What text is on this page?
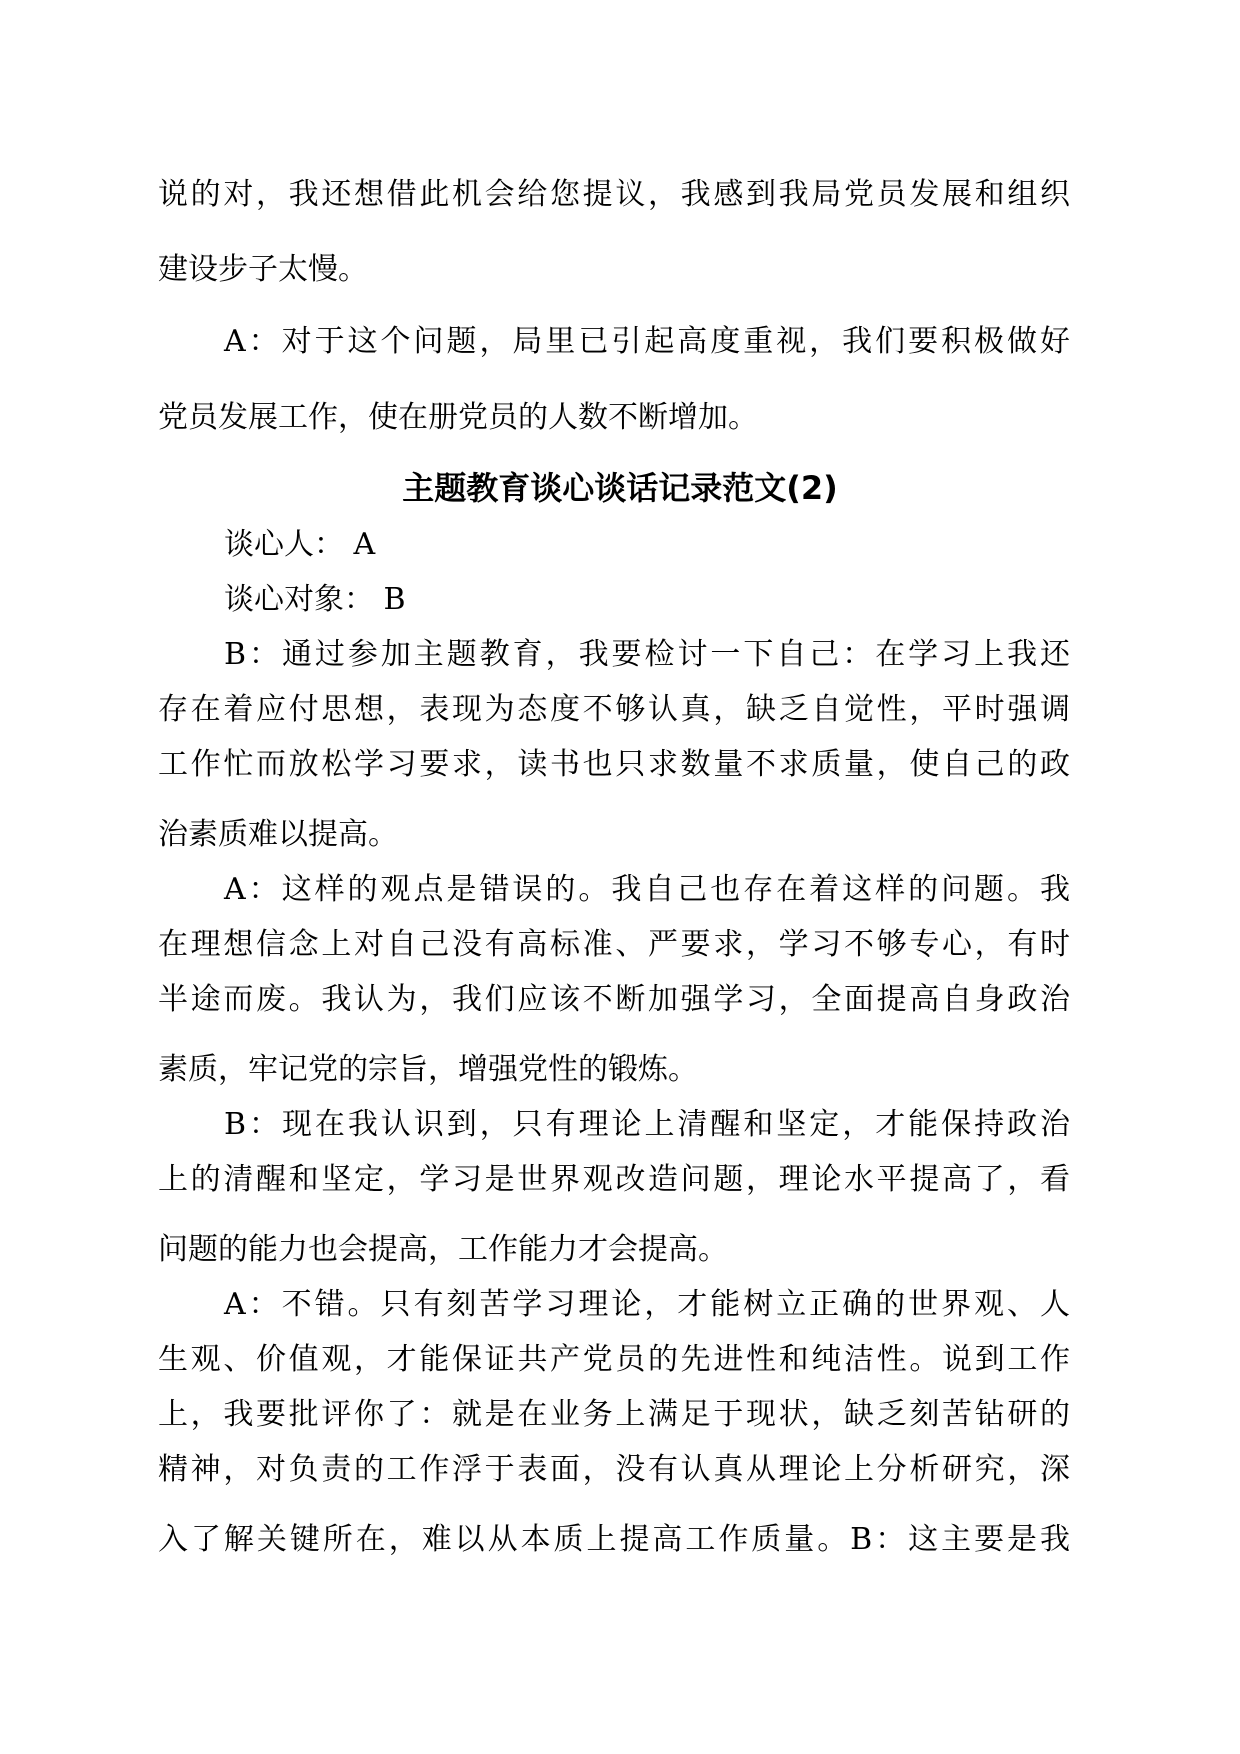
说的对，我还想借此机会给您提议，我感到我局党员发展和组织

建设步子太慢。

A：对于这个问题，局里已引起高度重视，我们要积极做好

党员发展工作，使在册党员的人数不断增加。

主题教育谈心谈话记录范文(2)

谈心人： A

谈心对象： B

B：通过参加主题教育，我要检讨一下自己：在学习上我还

存在着应付思想，表现为态度不够认真，缺乏自觉性，平时强调

工作忙而放松学习要求，读书也只求数量不求质量，使自己的政

治素质难以提高。

A：这样的观点是错误的。我自己也存在着这样的问题。我

在理想信念上对自己没有高标准、严要求，学习不够专心，有时

半途而废。我认为，我们应该不断加强学习，全面提高自身政治

素质，牢记党的宗旨，增强党性的锻炼。

B：现在我认识到，只有理论上清醒和坚定，才能保持政治

上的清醒和坚定，学习是世界观改造问题，理论水平提高了，看

问题的能力也会提高，工作能力才会提高。

A：不错。只有刻苦学习理论，才能树立正确的世界观、人

生观、价值观，才能保证共产党员的先进性和纯洁性。说到工作

上，我要批评你了：就是在业务上满足于现状，缺乏刻苦钻研的

精神，对负责的工作浮于表面，没有认真从理论上分析研究，深

入了解关键所在，难以从本质上提高工作质量。B：这主要是我
